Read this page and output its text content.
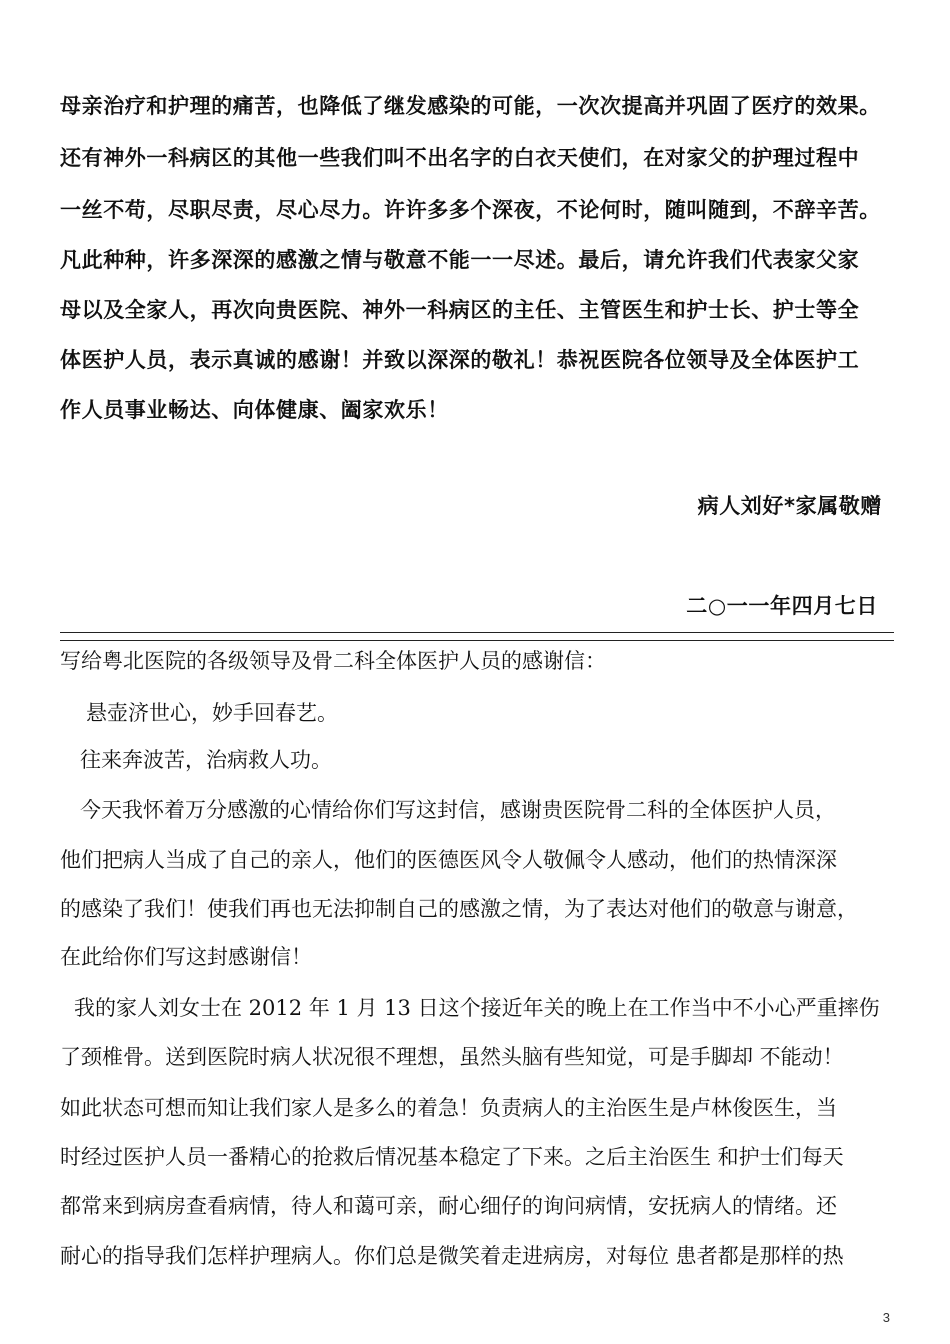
母亲治疗和护理的痛苦，也降低了继发感染的可能，一次次提高并巩固了医疗的效果。
还有神外一科病区的其他一些我们叫不出名字的白衣天使们，在对家父的护理过程中
一丝不苟，尽职尽责，尽心尽力。许许多多个深夜，不论何时，随叫随到，不辞辛苦。
凡此种种，许多深深的感激之情与敬意不能一一尽述。最后，请允许我们代表家父家
母以及全家人，再次向贵医院、神外一科病区的主任、主管医生和护士长、护士等全
体医护人员，表示真诚的感谢！并致以深深的敬礼！恭祝医院各位领导及全体医护工
作人员事业畅达、向体健康、阖家欢乐！
病人刘好*家属敬赠
二○一一年四月七日
写给粤北医院的各级领导及骨二科全体医护人员的感谢信：
悬壶济世心，妙手回春艺。
往来奔波苦，治病救人功。
今天我怀着万分感激的心情给你们写这封信，感谢贵医院骨二科的全体医护人员，
他们把病人当成了自己的亲人，他们的医德医风令人敬佩令人感动，他们的热情深深
的感染了我们！使我们再也无法抑制自己的感激之情，为了表达对他们的敬意与谢意，
在此给你们写这封感谢信！
我的家人刘女士在 2012 年 1 月 13 日这个接近年关的晚上在工作当中不小心严重摔伤
了颈椎骨。送到医院时病人状况很不理想，虽然头脑有些知觉，可是手脚却 不能动！
如此状态可想而知让我们家人是多么的着急！负责病人的主治医生是卢林俊医生，当
时经过医护人员一番精心的抢救后情况基本稳定了下来。之后主治医生 和护士们每天
都常来到病房查看病情，待人和蔼可亲，耐心细仔的询问病情，安抚病人的情绪。还
耐心的指导我们怎样护理病人。你们总是微笑着走进病房，对每位 患者都是那样的热
3
